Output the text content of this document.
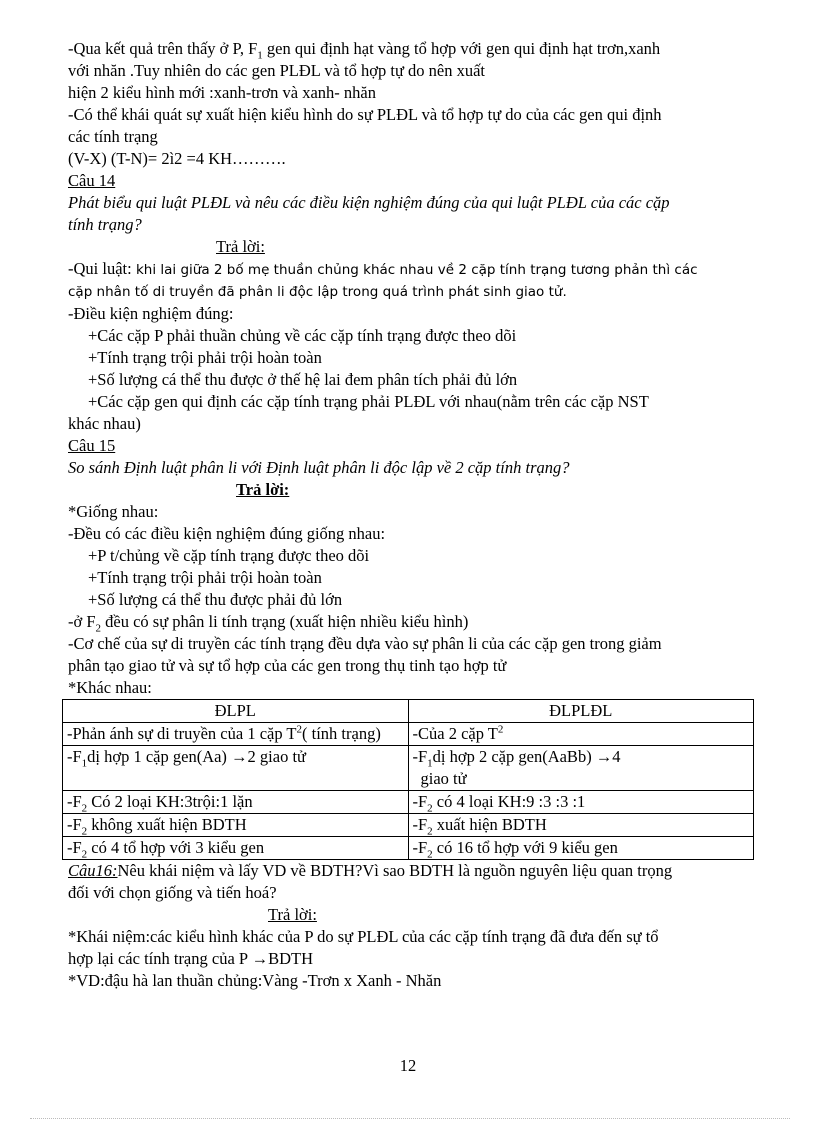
-Qua kết quả trên thấy ở P, $F_1$ gen qui định hạt vàng tổ hợp với gen qui định hạt trơn,xanh

với nhăn .Tuy nhiên do các gen PLĐL và tổ hợp tự do nên xuất

hiện 2 kiểu hình mới :xanh-trơn và xanh- nhăn

-Có thể khái quát sự xuất hiện kiểu hình do sự PLĐL và tổ hợp tự do của các gen qui định

các tính trạng

(V-X) (T-N)= 2ì2 =4 KH……….

Câu 14

Phát biểu qui luật PLĐL và nêu các điều kiện nghiệm đúng của qui luật PLĐL của các cặp

tính trạng?

Trả lời:

-Qui luật: khi lai giữa 2 bố mẹ thuần chủng khác nhau về 2 cặp tính trạng tương phản thì các

cặp nhân tố di truyền đã phân li độc lập trong quá trình phát sinh giao tử.

-Điều kiện nghiệm đúng:

+Các cặp P phải thuần chủng về các cặp tính trạng được theo dõi

+Tính trạng trội phải trội hoàn toàn

+Số lượng cá thể thu được ở thế hệ lai đem phân tích phải đủ lớn

+Các cặp gen qui định các cặp tính trạng phải PLĐL với nhau(nằm trên các cặp NST

khác nhau)

Câu 15

So sánh Định luật phân li với Định luật phân li độc lập về 2 cặp tính trạng?

Trả lời:

*Giống nhau:

-Đều có các điều kiện nghiệm đúng giống nhau:

+P t/chủng về cặp tính trạng được theo dõi

+Tính trạng trội phải trội hoàn toàn

+Số lượng cá thể thu được phải đủ lớn

-ở $F_2$ đều có sự phân li tính trạng (xuất hiện nhiều kiểu hình)

-Cơ chế của sự di truyền các tính trạng đều dựa vào sự phân li của các cặp gen trong giảm

phân tạo giao tử và sự tổ hợp của các gen trong thụ tinh tạo hợp tử

*Khác nhau:

ĐLPL	ĐLPLĐL
-Phản ánh sự di truyền của 1 cặp $T^2$( tính trạng)	-Của 2 cặp $T^2$
$-F_1dị$ hợp 1 cặp gen(Aa) →2 giao tử	$-F_1dị$ hợp 2 cặp gen(AaBb) →4
giao tử
$-F_2$ Có 2 loại KH:3trội:1 lặn	$-F_2$ có 4 loại KH:9 :3 :3 :1
$-F_2$ không xuất hiện BDTH	$-F_2$ xuất hiện BDTH
$-F_2$ có 4 tổ hợp với 3 kiểu gen	$-F_2$ có 16 tổ hợp với 9 kiểu gen

Câu16:Nêu khái niệm và lấy VD về BDTH?Vì sao BDTH là nguồn nguyên liệu quan trọng

đối với chọn giống và tiến hoá?

Trả lời:

*Khái niệm:các kiểu hình khác của P do sự PLĐL của các cặp tính trạng đã đưa đến sự tổ

hợp lại các tính trạng của P →BDTH

*VD:đậu hà lan thuần chủng:Vàng -Trơn x Xanh - Nhăn

12
